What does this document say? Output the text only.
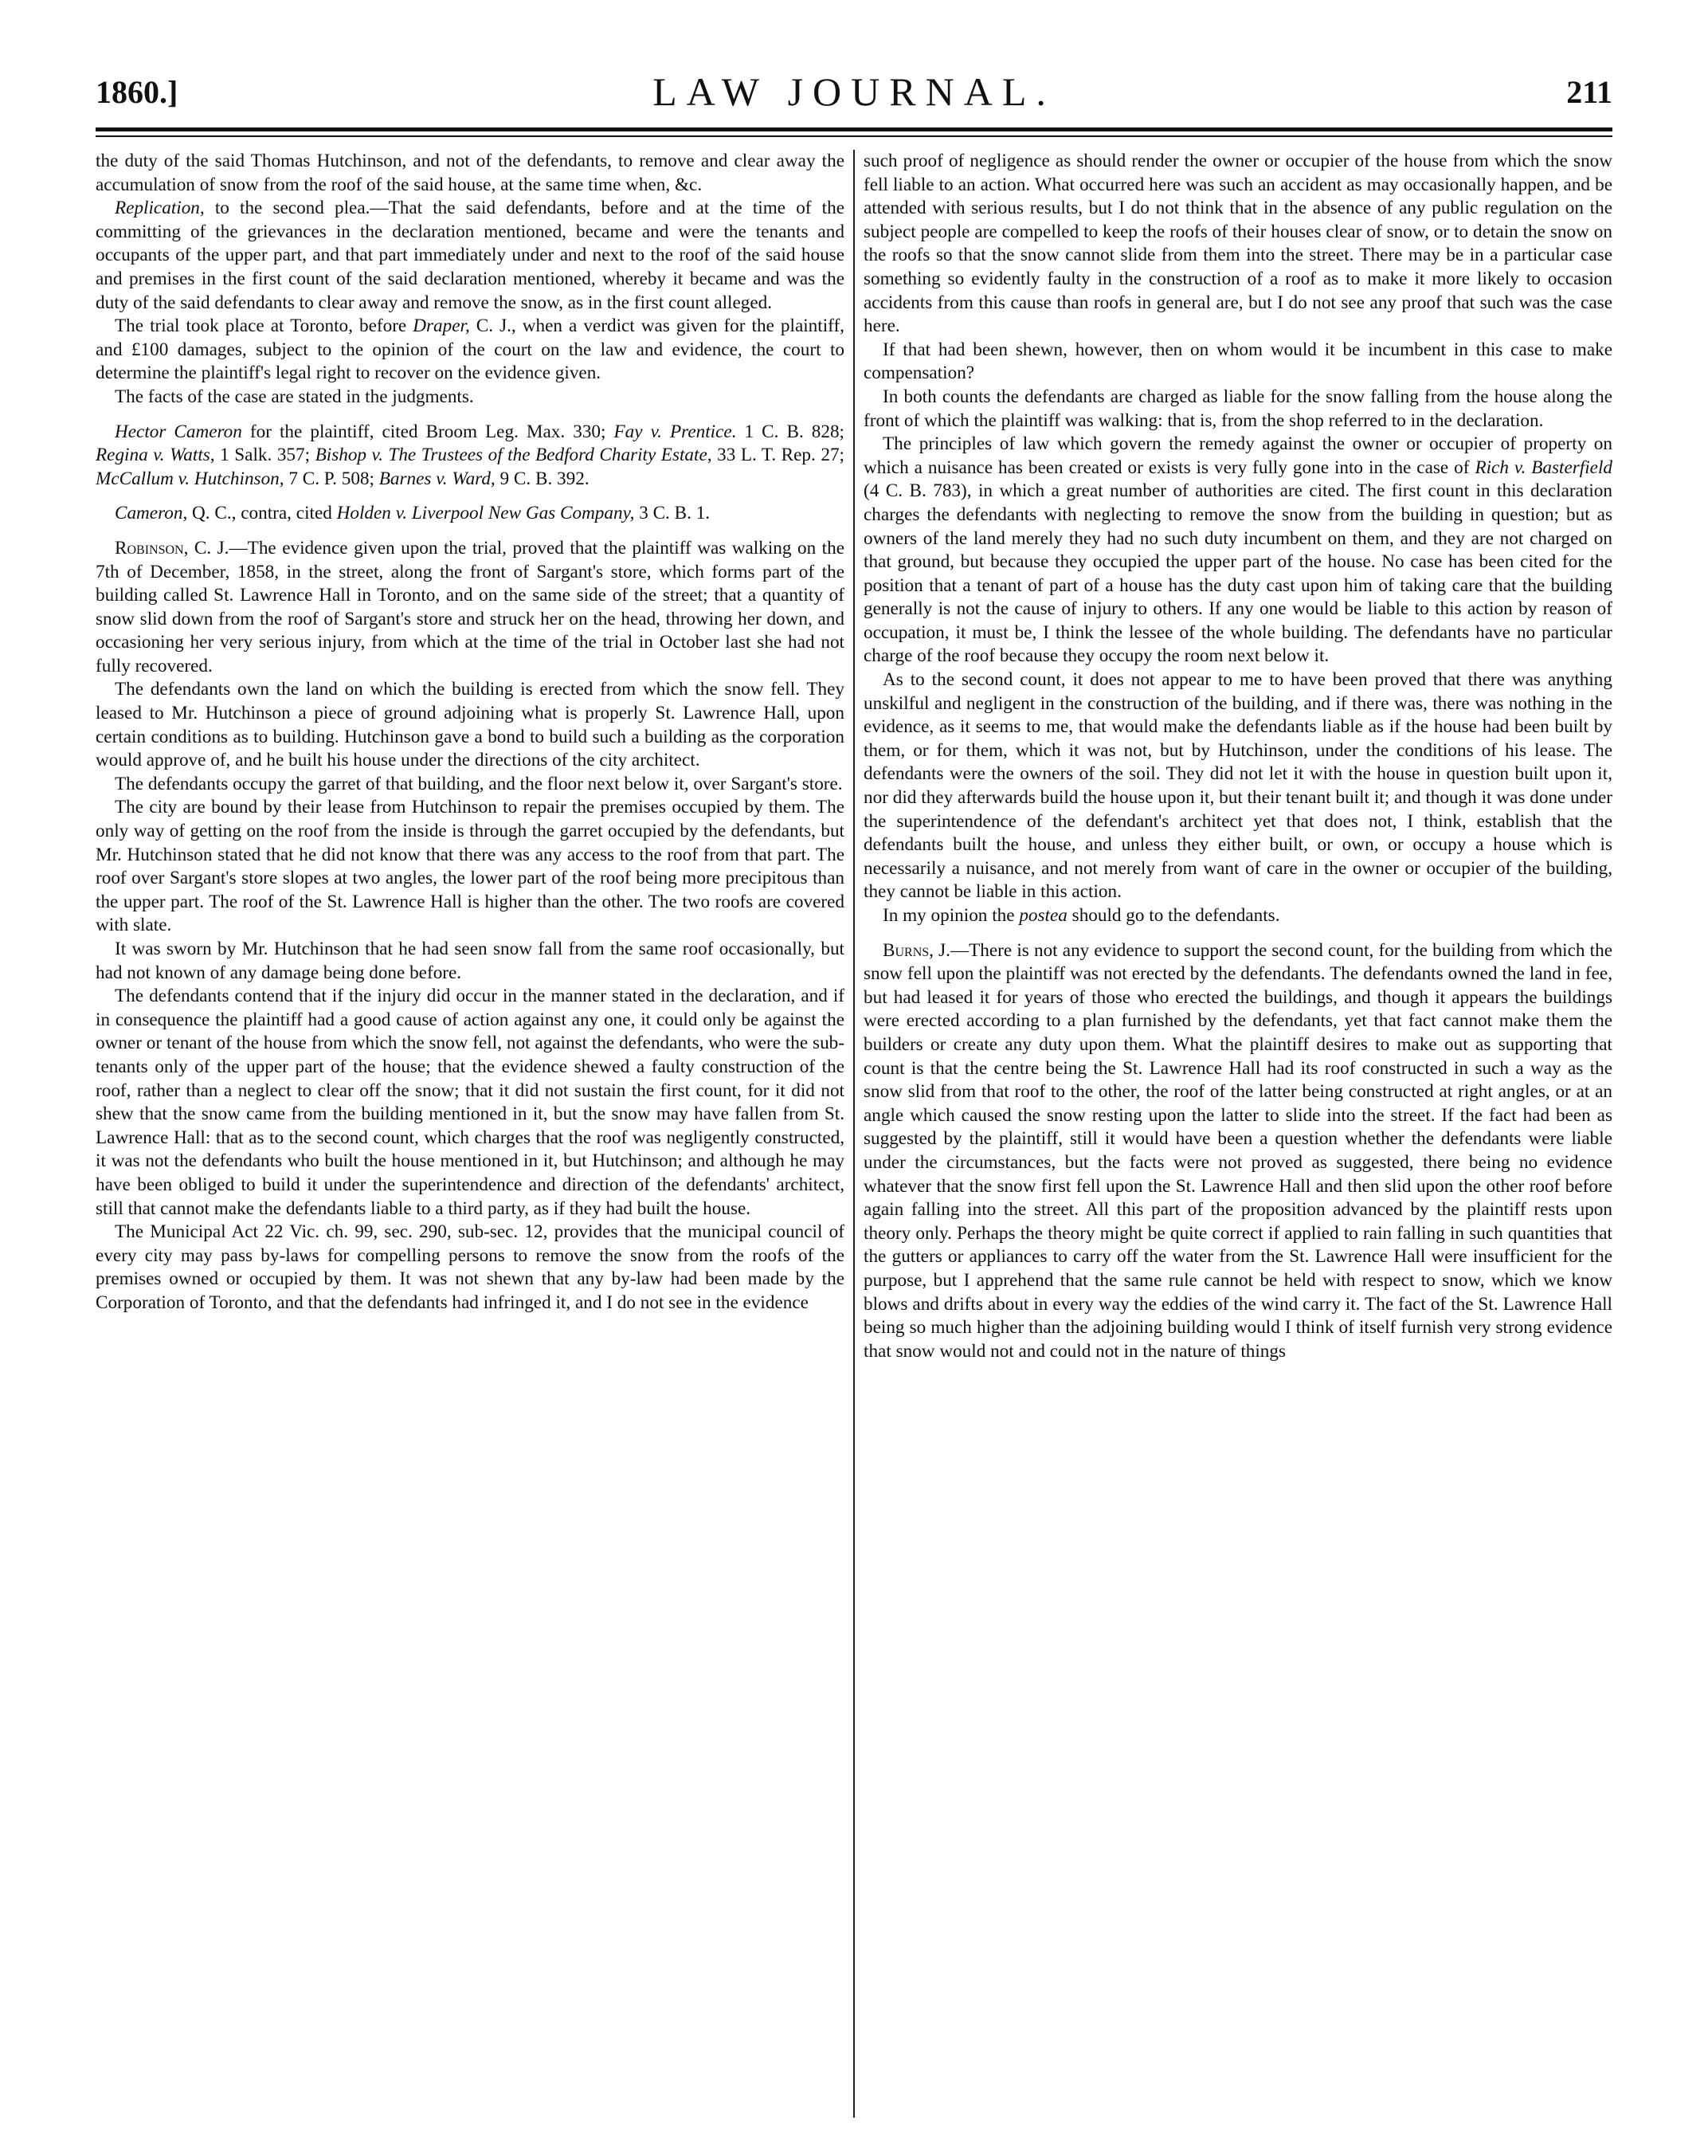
1860.]	LAW JOURNAL.	211

the duty of the said Thomas Hutchinson, and not of the defendants, to remove and clear away the accumulation of snow from the roof of the said house, at the same time when, &c.

Replication, to the second plea.—That the said defendants, before and at the time of the committing of the grievances in the declaration mentioned, became and were the tenants and occupants of the upper part, and that part immediately under and next to the roof of the said house and premises in the first count of the said declaration mentioned, whereby it became and was the duty of the said defendants to clear away and remove the snow, as in the first count alleged.

The trial took place at Toronto, before Draper, C. J., when a verdict was given for the plaintiff, and £100 damages, subject to the opinion of the court on the law and evidence, the court to determine the plaintiff's legal right to recover on the evidence given.

The facts of the case are stated in the judgments.

Hector Cameron for the plaintiff, cited Broom Leg. Max. 330; Fay v. Prentice. 1 C. B. 828; Regina v. Watts, 1 Salk. 357; Bishop v. The Trustees of the Bedford Charity Estate, 33 L. T. Rep. 27; McCallum v. Hutchinson, 7 C. P. 508; Barnes v. Ward, 9 C. B. 392.

Cameron, Q. C., contra, cited Holden v. Liverpool New Gas Company, 3 C. B. 1.

Robinson, C. J.—The evidence given upon the trial, proved that the plaintiff was walking on the 7th of December, 1858, in the street, along the front of Sargant's store, which forms part of the building called St. Lawrence Hall in Toronto, and on the same side of the street; that a quantity of snow slid down from the roof of Sargant's store and struck her on the head, throwing her down, and occasioning her very serious injury, from which at the time of the trial in October last she had not fully recovered.

The defendants own the land on which the building is erected from which the snow fell. They leased to Mr. Hutchinson a piece of ground adjoining what is properly St. Lawrence Hall, upon certain conditions as to building. Hutchinson gave a bond to build such a building as the corporation would approve of, and he built his house under the directions of the city architect.

The defendants occupy the garret of that building, and the floor next below it, over Sargant's store.

The city are bound by their lease from Hutchinson to repair the premises occupied by them. The only way of getting on the roof from the inside is through the garret occupied by the defendants, but Mr. Hutchinson stated that he did not know that there was any access to the roof from that part. The roof over Sargant's store slopes at two angles, the lower part of the roof being more precipitous than the upper part. The roof of the St. Lawrence Hall is higher than the other. The two roofs are covered with slate.

It was sworn by Mr. Hutchinson that he had seen snow fall from the same roof occasionally, but had not known of any damage being done before.

The defendants contend that if the injury did occur in the manner stated in the declaration, and if in consequence the plaintiff had a good cause of action against any one, it could only be against the owner or tenant of the house from which the snow fell, not against the defendants, who were the sub-tenants only of the upper part of the house; that the evidence shewed a faulty construction of the roof, rather than a neglect to clear off the snow; that it did not sustain the first count, for it did not shew that the snow came from the building mentioned in it, but the snow may have fallen from St. Lawrence Hall: that as to the second count, which charges that the roof was negligently constructed, it was not the defendants who built the house mentioned in it, but Hutchinson; and although he may have been obliged to build it under the superintendence and direction of the defendants' architect, still that cannot make the defendants liable to a third party, as if they had built the house.

The Municipal Act 22 Vic. ch. 99, sec. 290, sub-sec. 12, provides that the municipal council of every city may pass by-laws for compelling persons to remove the snow from the roofs of the premises owned or occupied by them. It was not shewn that any by-law had been made by the Corporation of Toronto, and that the defendants had infringed it, and I do not see in the evidence

such proof of negligence as should render the owner or occupier of the house from which the snow fell liable to an action. What occurred here was such an accident as may occasionally happen, and be attended with serious results, but I do not think that in the absence of any public regulation on the subject people are compelled to keep the roofs of their houses clear of snow, or to detain the snow on the roofs so that the snow cannot slide from them into the street. There may be in a particular case something so evidently faulty in the construction of a roof as to make it more likely to occasion accidents from this cause than roofs in general are, but I do not see any proof that such was the case here.

If that had been shewn, however, then on whom would it be incumbent in this case to make compensation?

In both counts the defendants are charged as liable for the snow falling from the house along the front of which the plaintiff was walking: that is, from the shop referred to in the declaration.

The principles of law which govern the remedy against the owner or occupier of property on which a nuisance has been created or exists is very fully gone into in the case of Rich v. Basterfield (4 C. B. 783), in which a great number of authorities are cited. The first count in this declaration charges the defendants with neglecting to remove the snow from the building in question; but as owners of the land merely they had no such duty incumbent on them, and they are not charged on that ground, but because they occupied the upper part of the house. No case has been cited for the position that a tenant of part of a house has the duty cast upon him of taking care that the building generally is not the cause of injury to others. If any one would be liable to this action by reason of occupation, it must be, I think the lessee of the whole building. The defendants have no particular charge of the roof because they occupy the room next below it.

As to the second count, it does not appear to me to have been proved that there was anything unskilful and negligent in the construction of the building, and if there was, there was nothing in the evidence, as it seems to me, that would make the defendants liable as if the house had been built by them, or for them, which it was not, but by Hutchinson, under the conditions of his lease. The defendants were the owners of the soil. They did not let it with the house in question built upon it, nor did they afterwards build the house upon it, but their tenant built it; and though it was done under the superintendence of the defendant's architect yet that does not, I think, establish that the defendants built the house, and unless they either built, or own, or occupy a house which is necessarily a nuisance, and not merely from want of care in the owner or occupier of the building, they cannot be liable in this action.

In my opinion the postea should go to the defendants.

Burns, J.—There is not any evidence to support the second count, for the building from which the snow fell upon the plaintiff was not erected by the defendants. The defendants owned the land in fee, but had leased it for years of those who erected the buildings, and though it appears the buildings were erected according to a plan furnished by the defendants, yet that fact cannot make them the builders or create any duty upon them. What the plaintiff desires to make out as supporting that count is that the centre being the St. Lawrence Hall had its roof constructed in such a way as the snow slid from that roof to the other, the roof of the latter being constructed at right angles, or at an angle which caused the snow resting upon the latter to slide into the street. If the fact had been as suggested by the plaintiff, still it would have been a question whether the defendants were liable under the circumstances, but the facts were not proved as suggested, there being no evidence whatever that the snow first fell upon the St. Lawrence Hall and then slid upon the other roof before again falling into the street. All this part of the proposition advanced by the plaintiff rests upon theory only. Perhaps the theory might be quite correct if applied to rain falling in such quantities that the gutters or appliances to carry off the water from the St. Lawrence Hall were insufficient for the purpose, but I apprehend that the same rule cannot be held with respect to snow, which we know blows and drifts about in every way the eddies of the wind carry it. The fact of the St. Lawrence Hall being so much higher than the adjoining building would I think of itself furnish very strong evidence that snow would not and could not in the nature of things
